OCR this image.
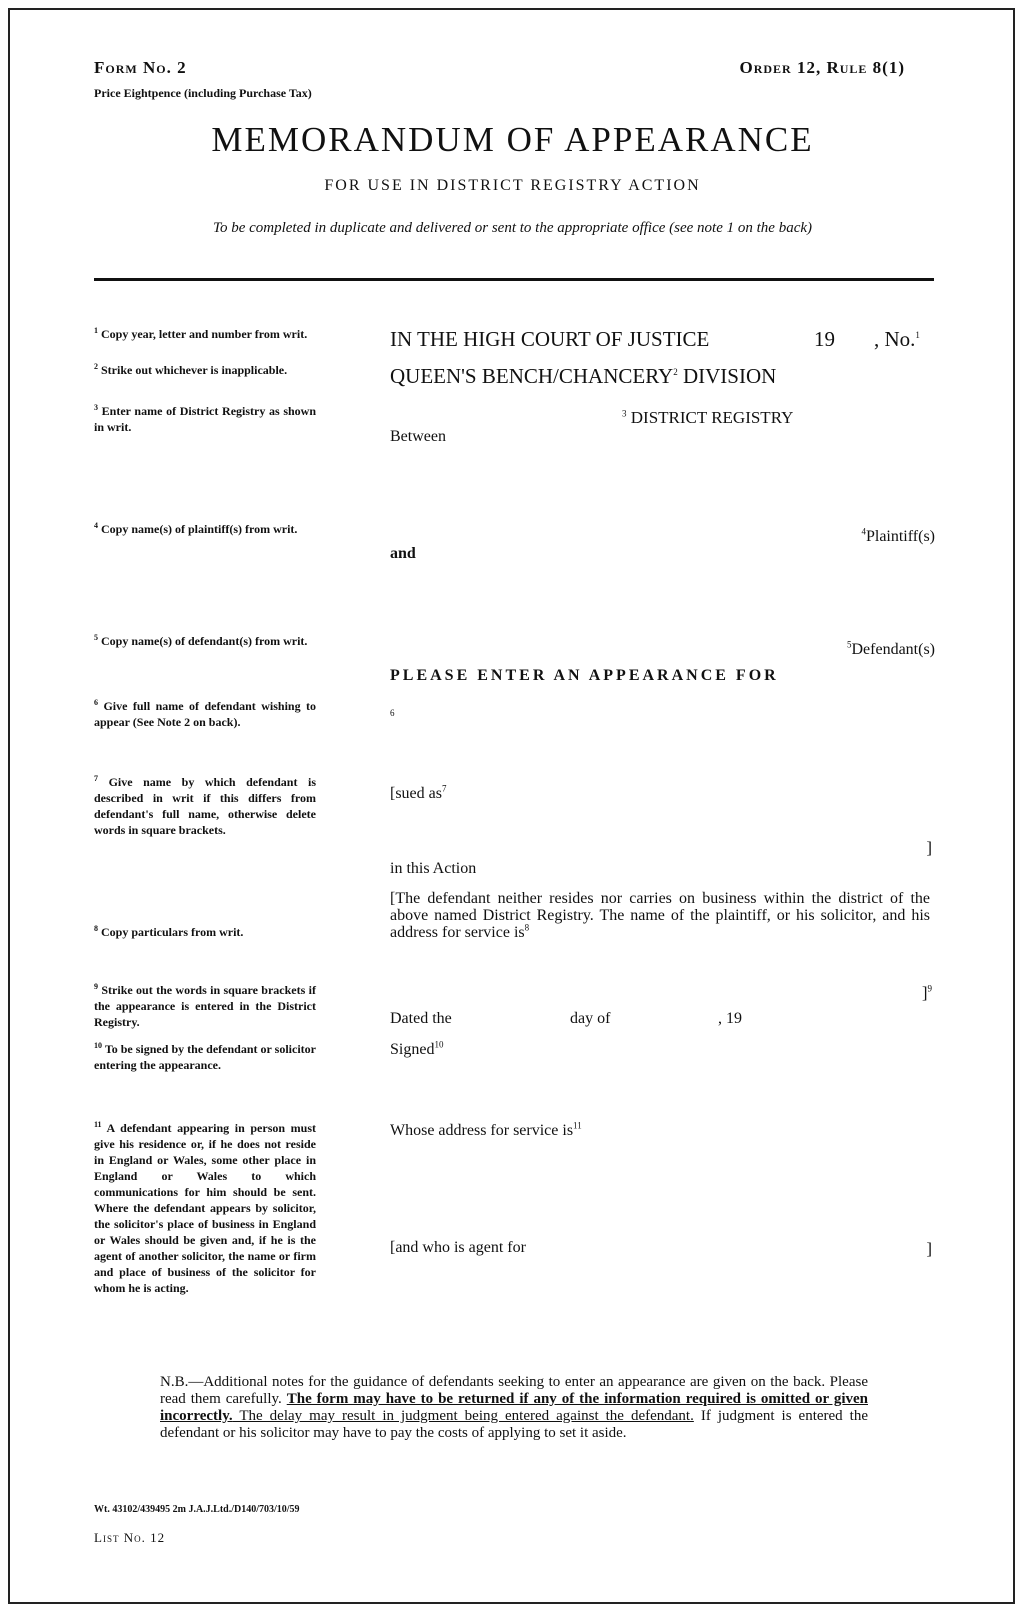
Form No. 2	Order 12, Rule 8(1)
Price Eightpence (including Purchase Tax)
MEMORANDUM OF APPEARANCE
FOR USE IN DISTRICT REGISTRY ACTION
To be completed in duplicate and delivered or sent to the appropriate office (see note 1 on the back)
$^1$ Copy year, letter and number from writ.
$^2$ Strike out whichever is inapplicable.
$^3$ Enter name of District Registry as shown in writ.
$^4$ Copy name(s) of plaintiff(s) from writ.
$^5$ Copy name(s) of defendant(s) from writ.
$^6$ Give full name of defendant wishing to appear (See Note 2 on back).
$^7$ Give name by which defendant is described in writ if this differs from defendant's full name, otherwise delete words in square brackets.
$^8$ Copy particulars from writ.
$^9$ Strike out the words in square brackets if the appearance is entered in the District Registry.
$^{10}$ To be signed by the defendant or solicitor entering the appearance.
$^{11}$ A defendant appearing in person must give his residence or, if he does not reside in England or Wales, some other place in England or Wales to which communications for him should be sent. Where the defendant appears by solicitor, the solicitor's place of business in England or Wales should be given and, if he is the agent of another solicitor, the name or firm and place of business of the solicitor for whom he is acting.
IN THE HIGH COURT OF JUSTICE	19 , No.$^1$
QUEEN'S BENCH/CHANCERY$^2$ DIVISION
$^3$ DISTRICT REGISTRY
Between
$^4$Plaintiff(s)
and
$^5$Defendant(s)
PLEASE ENTER AN APPEARANCE FOR
6
[sued $as^7$
]
in this Action
[The defendant neither resides nor carries on business within the district of the above named District Registry. The name of the plaintiff, or his solicitor, and his address for service $is^8$
]$^9$
Dated the	day of	, 19
Signed$^{10}$
Whose address for service $is^{11}$
[and who is agent for	]
N.B.—Additional notes for the guidance of defendants seeking to enter an appearance are given on the back. Please read them carefully. The form may have to be returned if any of the information required is omitted or given incorrectly. The delay may result in judgment being entered against the defendant. If judgment is entered the defendant or his solicitor may have to pay the costs of applying to set it aside.
Wt. 43102/439495 2m J.A.J.Ltd./D140/703/10/59
List No. 12
